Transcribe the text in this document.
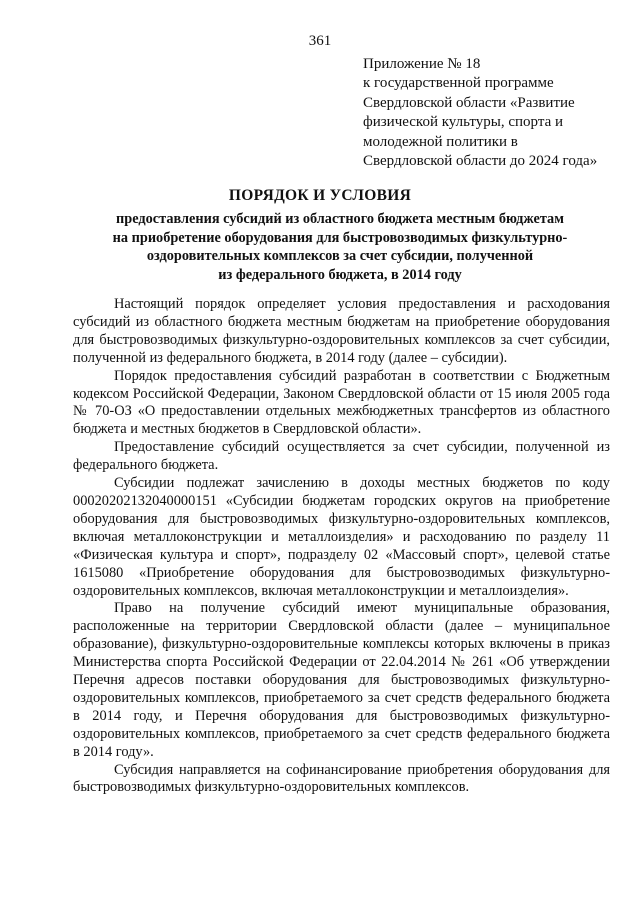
361
Приложение № 18
к государственной программе
Свердловской области «Развитие
физической культуры, спорта и
молодежной политики в
Свердловской области до 2024 года»
ПОРЯДОК И УСЛОВИЯ
предоставления субсидий из областного бюджета местным бюджетам
на приобретение оборудования для быстровозводимых физкультурно-
оздоровительных комплексов за счет субсидии, полученной
из федерального бюджета, в 2014 году

Настоящий порядок определяет условия предоставления и расходования субсидий из областного бюджета местным бюджетам на приобретение оборудования для быстровозводимых физкультурно-оздоровительных комплексов за счет субсидии, полученной из федерального бюджета, в 2014 году (далее – субсидии).

Порядок предоставления субсидий разработан в соответствии с Бюджетным кодексом Российской Федерации, Законом Свердловской области от 15 июля 2005 года № 70-ОЗ «О предоставлении отдельных межбюджетных трансфертов из областного бюджета и местных бюджетов в Свердловской области».

Предоставление субсидий осуществляется за счет субсидии, полученной из федерального бюджета.

Субсидии подлежат зачислению в доходы местных бюджетов по коду 00020202132040000151 «Субсидии бюджетам городских округов на приобретение оборудования для быстровозводимых физкультурно-оздоровительных комплексов, включая металлоконструкции и металлоизделия» и расходованию по разделу 11 «Физическая культура и спорт», подразделу 02 «Массовый спорт», целевой статье 1615080 «Приобретение оборудования для быстровозводимых физкультурно-оздоровительных комплексов, включая металлоконструкции и металлоизделия».

Право на получение субсидий имеют муниципальные образования, расположенные на территории Свердловской области (далее – муниципальное образование), физкультурно-оздоровительные комплексы которых включены в приказ Министерства спорта Российской Федерации от 22.04.2014 № 261 «Об утверждении Перечня адресов поставки оборудования для быстровозводимых физкультурно-оздоровительных комплексов, приобретаемого за счет средств федерального бюджета в 2014 году, и Перечня оборудования для быстровозводимых физкультурно-оздоровительных комплексов, приобретаемого за счет средств федерального бюджета в 2014 году».

Субсидия направляется на софинансирование приобретения оборудования для быстровозводимых физкультурно-оздоровительных комплексов.
